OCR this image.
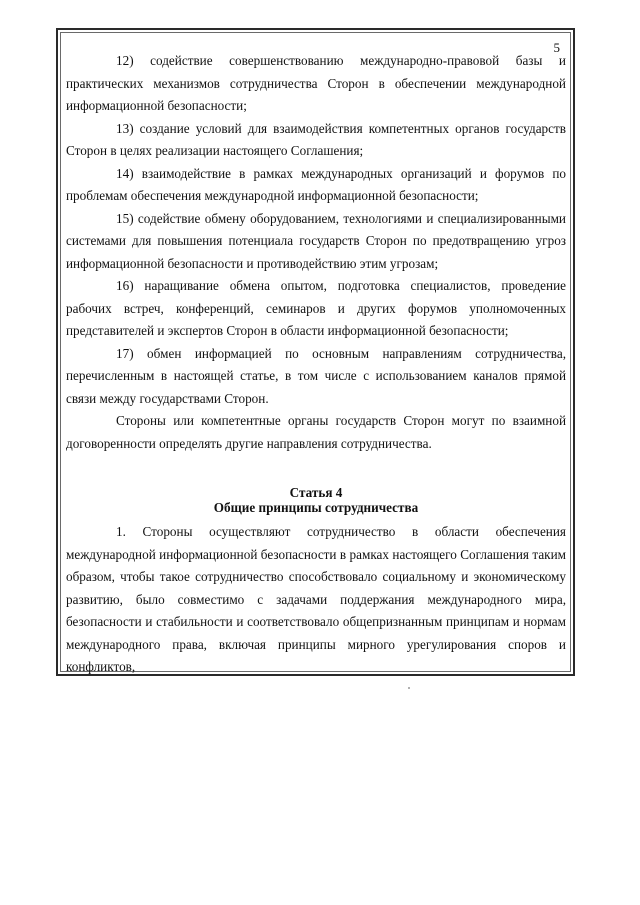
5

12) содействие совершенствованию международно-правовой базы и практических механизмов сотрудничества Сторон в обеспечении международной информационной безопасности;

13) создание условий для взаимодействия компетентных органов государств Сторон в целях реализации настоящего Соглашения;

14) взаимодействие в рамках международных организаций и форумов по проблемам обеспечения международной информационной безопасности;

15) содействие обмену оборудованием, технологиями и специализированными системами для повышения потенциала государств Сторон по предотвращению угроз информационной безопасности и противодействию этим угрозам;

16) наращивание обмена опытом, подготовка специалистов, проведение рабочих встреч, конференций, семинаров и других форумов уполномоченных представителей и экспертов Сторон в области информационной безопасности;

17) обмен информацией по основным направлениям сотрудничества, перечисленным в настоящей статье, в том числе с использованием каналов прямой связи между государствами Сторон.

Стороны или компетентные органы государств Сторон могут по взаимной договоренности определять другие направления сотрудничества.

Статья 4
Общие принципы сотрудничества

1. Стороны осуществляют сотрудничество в области обеспечения международной информационной безопасности в рамках настоящего Соглашения таким образом, чтобы такое сотрудничество способствовало социальному и экономическому развитию, было совместимо с задачами поддержания международного мира, безопасности и стабильности и соответствовало общепризнанным принципам и нормам международного права, включая принципы мирного урегулирования споров и конфликтов,
